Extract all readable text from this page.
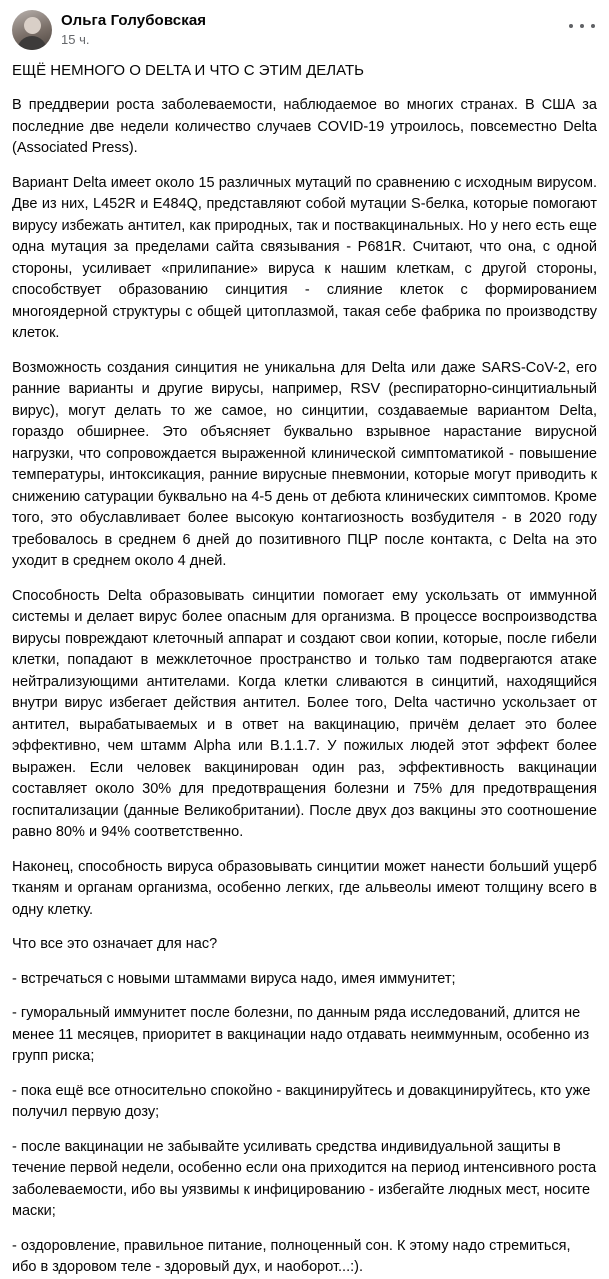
Ольга Голубовская
15 ч.
ЕЩЁ НЕМНОГО О DELTA И ЧТО С ЭТИМ ДЕЛАТЬ

В преддверии роста заболеваемости, наблюдаемое во многих странах. В США за последние две недели количество случаев COVID-19 утроилось, повсеместно Delta (Associated Press).

Вариант Delta имеет около 15 различных мутаций по сравнению с исходным вирусом. Две из них, L452R и E484Q, представляют собой мутации S-белка, которые помогают вирусу избежать антител, как природных, так и поствакцинальных. Но у него есть еще одна мутация за пределами сайта связывания - P681R. Считают, что она, с одной стороны, усиливает «прилипание» вируса к нашим клеткам, с другой стороны, способствует образованию синцития - слияние клеток с формированием многоядерной структуры с общей цитоплазмой, такая себе фабрика по производству клеток.

Возможность создания синцития не уникальна для Delta или даже SARS-CoV-2, его ранние варианты и другие вирусы, например, RSV (респираторно-синцитиальный вирус), могут делать то же самое, но синцитии, создаваемые вариантом Delta, гораздо обширнее. Это объясняет буквально взрывное нарастание вирусной нагрузки, что сопровождается выраженной клинической симптоматикой - повышение температуры, интоксикация, ранние вирусные пневмонии, которые могут приводить к снижению сатурации буквально на 4-5 день от дебюта клинических симптомов. Кроме того, это обуславливает более высокую контагиозность возбудителя - в 2020 году требовалось в среднем 6 дней до позитивного ПЦР после контакта, с Delta на это уходит в среднем около 4 дней.

Способность Delta образовывать синцитии помогает ему ускользать от иммунной системы и делает вирус более опасным для организма. В процессе воспроизводства вирусы повреждают клеточный аппарат и создают свои копии, которые, после гибели клетки, попадают в межклеточное пространство и только там подвергаются атаке нейтрализующими антителами. Когда клетки сливаются в синцитий, находящийся внутри вирус избегает действия антител. Более того, Delta частично ускользает от антител, вырабатываемых и в ответ на вакцинацию, причём делает это более эффективно, чем штамм Alpha или B.1.1.7. У пожилых людей этот эффект более выражен. Если человек вакцинирован один раз, эффективность вакцинации составляет около 30% для предотвращения болезни и 75% для предотвращения госпитализации (данные Великобритании). После двух доз вакцины это соотношение равно 80% и 94% соответственно.

Наконец, способность вируса образовывать синцитии может нанести больший ущерб тканям и органам организма, особенно легких, где альвеолы имеют толщину всего в одну клетку.

Что все это означает для нас?

- встречаться с новыми штаммами вируса надо, имея иммунитет;

- гуморальный иммунитет после болезни, по данным ряда исследований, длится не менее 11 месяцев, приоритет в вакцинации надо отдавать неиммунным, особенно из групп риска;

- пока ещё все относительно спокойно - вакцинируйтесь и довакцинируйтесь, кто уже получил первую дозу;

- после вакцинации не забывайте усиливать средства индивидуальной защиты в течение первой недели, особенно если она приходится на период интенсивного роста заболеваемости, ибо вы уязвимы к инфицированию - избегайте людных мест, носите маски;

- оздоровление, правильное питание, полноценный сон. К этому надо стремиться, ибо в здоровом теле - здоровый дух, и наоборот...:).
